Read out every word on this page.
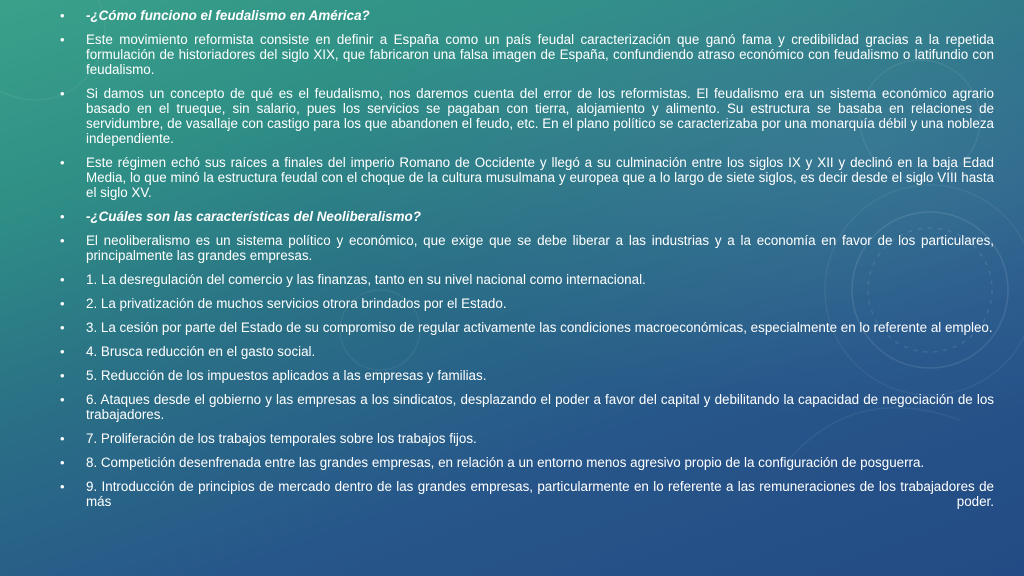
• -¿Cómo funciono el feudalismo en América?
• Este movimiento reformista consiste en definir a España como un país feudal caracterización que ganó fama y credibilidad gracias a la repetida formulación de historiadores del siglo XIX, que fabricaron una falsa imagen de España, confundiendo atraso económico con feudalismo o latifundio con feudalismo.
• Si damos un concepto de qué es el feudalismo, nos daremos cuenta del error de los reformistas. El feudalismo era un sistema económico agrario basado en el trueque, sin salario, pues los servicios se pagaban con tierra, alojamiento y alimento. Su estructura se basaba en relaciones de servidumbre, de vasallaje con castigo para los que abandonen el feudo, etc. En el plano político se caracterizaba por una monarquía débil y una nobleza independiente.
• Este régimen echó sus raíces a finales del imperio Romano de Occidente y llegó a su culminación entre los siglos IX y XII y declinó en la baja Edad Media, lo que minó la estructura feudal con el choque de la cultura musulmana y europea que a lo largo de siete siglos, es decir desde el siglo VIII hasta el siglo XV.
• -¿Cuáles son las características del Neoliberalismo?
• El neoliberalismo es un sistema político y económico, que exige que se debe liberar a las industrias y a la economía en favor de los particulares, principalmente las grandes empresas.
• 1. La desregulación del comercio y las finanzas, tanto en su nivel nacional como internacional.
• 2. La privatización de muchos servicios otrora brindados por el Estado.
• 3. La cesión por parte del Estado de su compromiso de regular activamente las condiciones macroeconómicas, especialmente en lo referente al empleo.
• 4. Brusca reducción en el gasto social.
• 5. Reducción de los impuestos aplicados a las empresas y familias.
• 6. Ataques desde el gobierno y las empresas a los sindicatos, desplazando el poder a favor del capital y debilitando la capacidad de negociación de los trabajadores.
• 7. Proliferación de los trabajos temporales sobre los trabajos fijos.
• 8. Competición desenfrenada entre las grandes empresas, en relación a un entorno menos agresivo propio de la configuración de posguerra.
• 9. Introducción de principios de mercado dentro de las grandes empresas, particularmente en lo referente a las remuneraciones de los trabajadores de más poder.
